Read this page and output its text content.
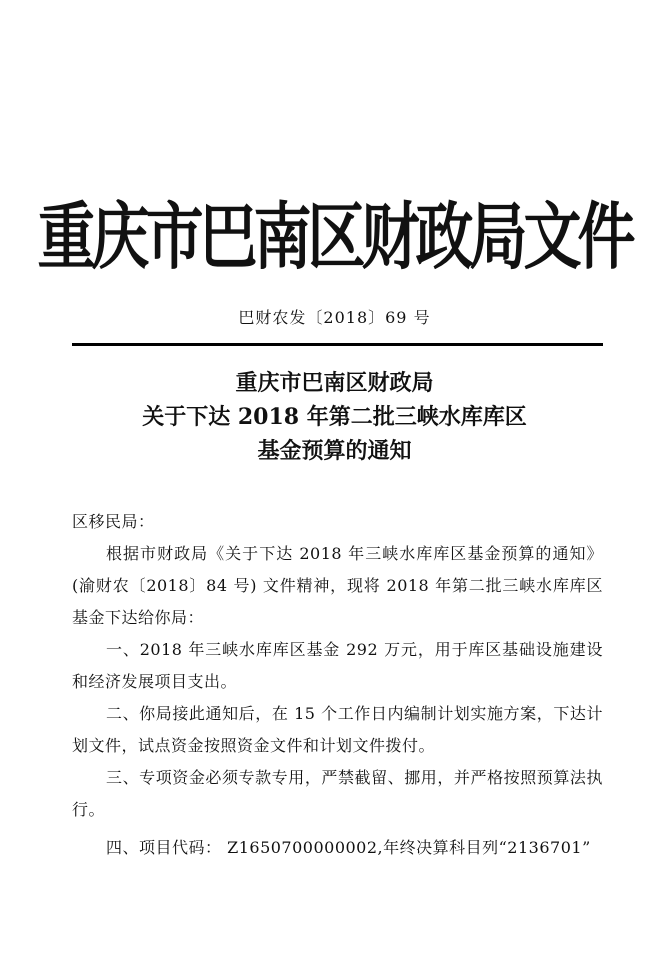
重庆市巴南区财政局文件
巴财农发〔2018〕69 号
重庆市巴南区财政局
关于下达 2018 年第二批三峡水库库区
基金预算的通知

区移民局：

根据市财政局《关于下达 2018 年三峡水库库区基金预算的通知》(渝财农〔2018〕84 号) 文件精神，现将 2018 年第二批三峡水库库区基金下达给你局：

一、2018 年三峡水库库区基金 292 万元，用于库区基础设施建设和经济发展项目支出。

二、你局接此通知后，在 15 个工作日内编制计划实施方案，下达计划文件，试点资金按照资金文件和计划文件拨付。

三、专项资金必须专款专用，严禁截留、挪用，并严格按照预算法执行。

四、项目代码： Z1650700000002,年终决算科目列“2136701”
